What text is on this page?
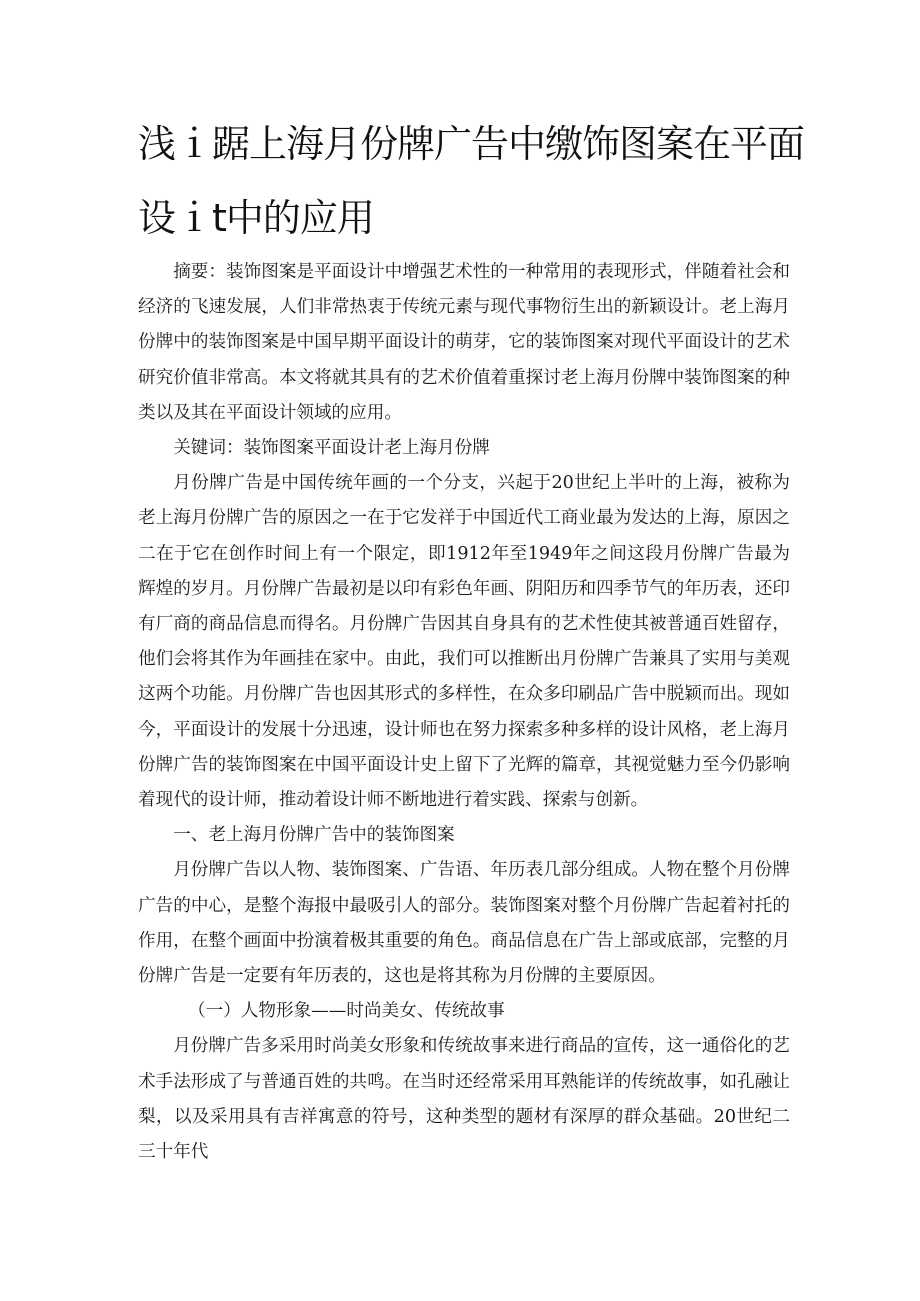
浅ｉ踞上海月份牌广告中缴饰图案在平面
设ｉt中的应用

摘要：装饰图案是平面设计中增强艺术性的一种常用的表现形式，伴随着社会和经济的飞速发展，人们非常热衷于传统元素与现代事物衍生出的新颖设计。老上海月份牌中的装饰图案是中国早期平面设计的萌芽，它的装饰图案对现代平面设计的艺术研究价值非常高。本文将就其具有的艺术价值着重探讨老上海月份牌中装饰图案的种类以及其在平面设计领域的应用。

关键词：装饰图案平面设计老上海月份牌

月份牌广告是中国传统年画的一个分支，兴起于20世纪上半叶的上海，被称为老上海月份牌广告的原因之一在于它发祥于中国近代工商业最为发达的上海，原因之二在于它在创作时间上有一个限定，即1912年至1949年之间这段月份牌广告最为辉煌的岁月。月份牌广告最初是以印有彩色年画、阴阳历和四季节气的年历表，还印有厂商的商品信息而得名。月份牌广告因其自身具有的艺术性使其被普通百姓留存，他们会将其作为年画挂在家中。由此，我们可以推断出月份牌广告兼具了实用与美观这两个功能。月份牌广告也因其形式的多样性，在众多印刷品广告中脱颖而出。现如今，平面设计的发展十分迅速，设计师也在努力探索多种多样的设计风格，老上海月份牌广告的装饰图案在中国平面设计史上留下了光辉的篇章，其视觉魅力至今仍影响着现代的设计师，推动着设计师不断地进行着实践、探索与创新。

一、老上海月份牌广告中的装饰图案

月份牌广告以人物、装饰图案、广告语、年历表几部分组成。人物在整个月份牌广告的中心，是整个海报中最吸引人的部分。装饰图案对整个月份牌广告起着衬托的作用，在整个画面中扮演着极其重要的角色。商品信息在广告上部或底部，完整的月份牌广告是一定要有年历表的，这也是将其称为月份牌的主要原因。

（一）人物形象——时尚美女、传统故事

月份牌广告多采用时尚美女形象和传统故事来进行商品的宣传，这一通俗化的艺术手法形成了与普通百姓的共鸣。在当时还经常采用耳熟能详的传统故事，如孔融让梨，以及采用具有吉祥寓意的符号，这种类型的题材有深厚的群众基础。20世纪二三十年代
